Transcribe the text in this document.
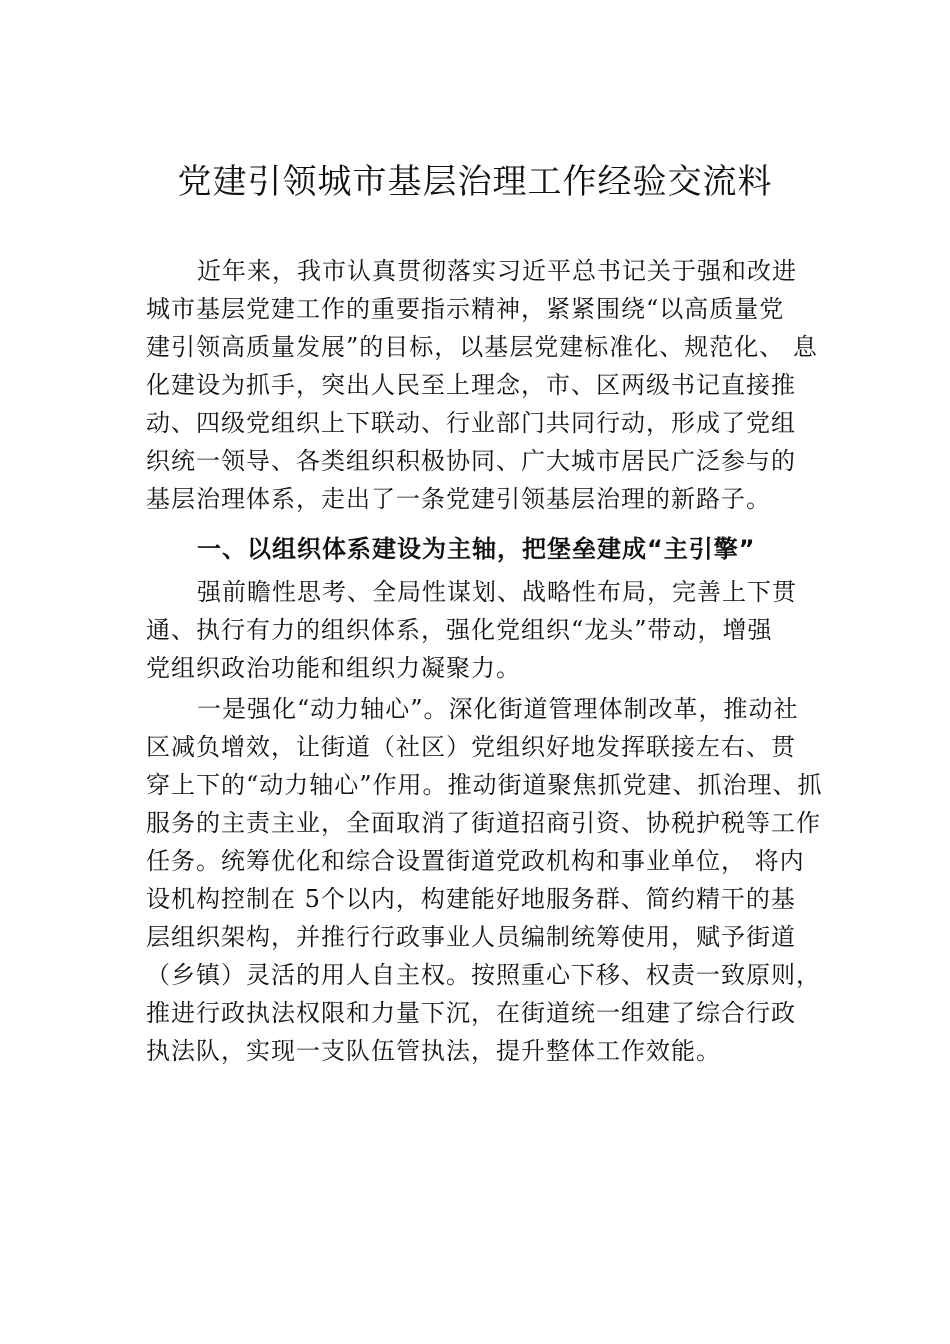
党建引领城市基层治理工作经验交流料
近年来，我市认真贯彻落实习近平总书记关于强和改进
城市基层党建工作的重要指示精神，紧紧围绕“以高质量党
建引领高质量发展”的目标，以基层党建标准化、规范化、 息
化建设为抓手，突出人民至上理念，市、区两级书记直接推
动、四级党组织上下联动、行业部门共同行动，形成了党组
织统一领导、各类组织积极协同、广大城市居民广泛参与的
基层治理体系，走出了一条党建引领基层治理的新路子。
一、以组织体系建设为主轴，把堡垒建成“主引擎”
强前瞻性思考、全局性谋划、战略性布局，完善上下贯
通、执行有力的组织体系，强化党组织“龙头”带动，增强
党组织政治功能和组织力凝聚力。
一是强化“动力轴心”。深化街道管理体制改革，推动社
区减负增效，让街道（社区）党组织好地发挥联接左右、贯
穿上下的“动力轴心”作用。推动街道聚焦抓党建、抓治理、抓
服务的主责主业，全面取消了街道招商引资、协税护税等工作
任务。统筹优化和综合设置街道党政机构和事业单位， 将内
设机构控制在 5个以内，构建能好地服务群、简约精干的基
层组织架构，并推行行政事业人员编制统筹使用，赋予街道
（乡镇）灵活的用人自主权。按照重心下移、权责一致原则，
推进行政执法权限和力量下沉，在街道统一组建了综合行政
执法队，实现一支队伍管执法，提升整体工作效能。
